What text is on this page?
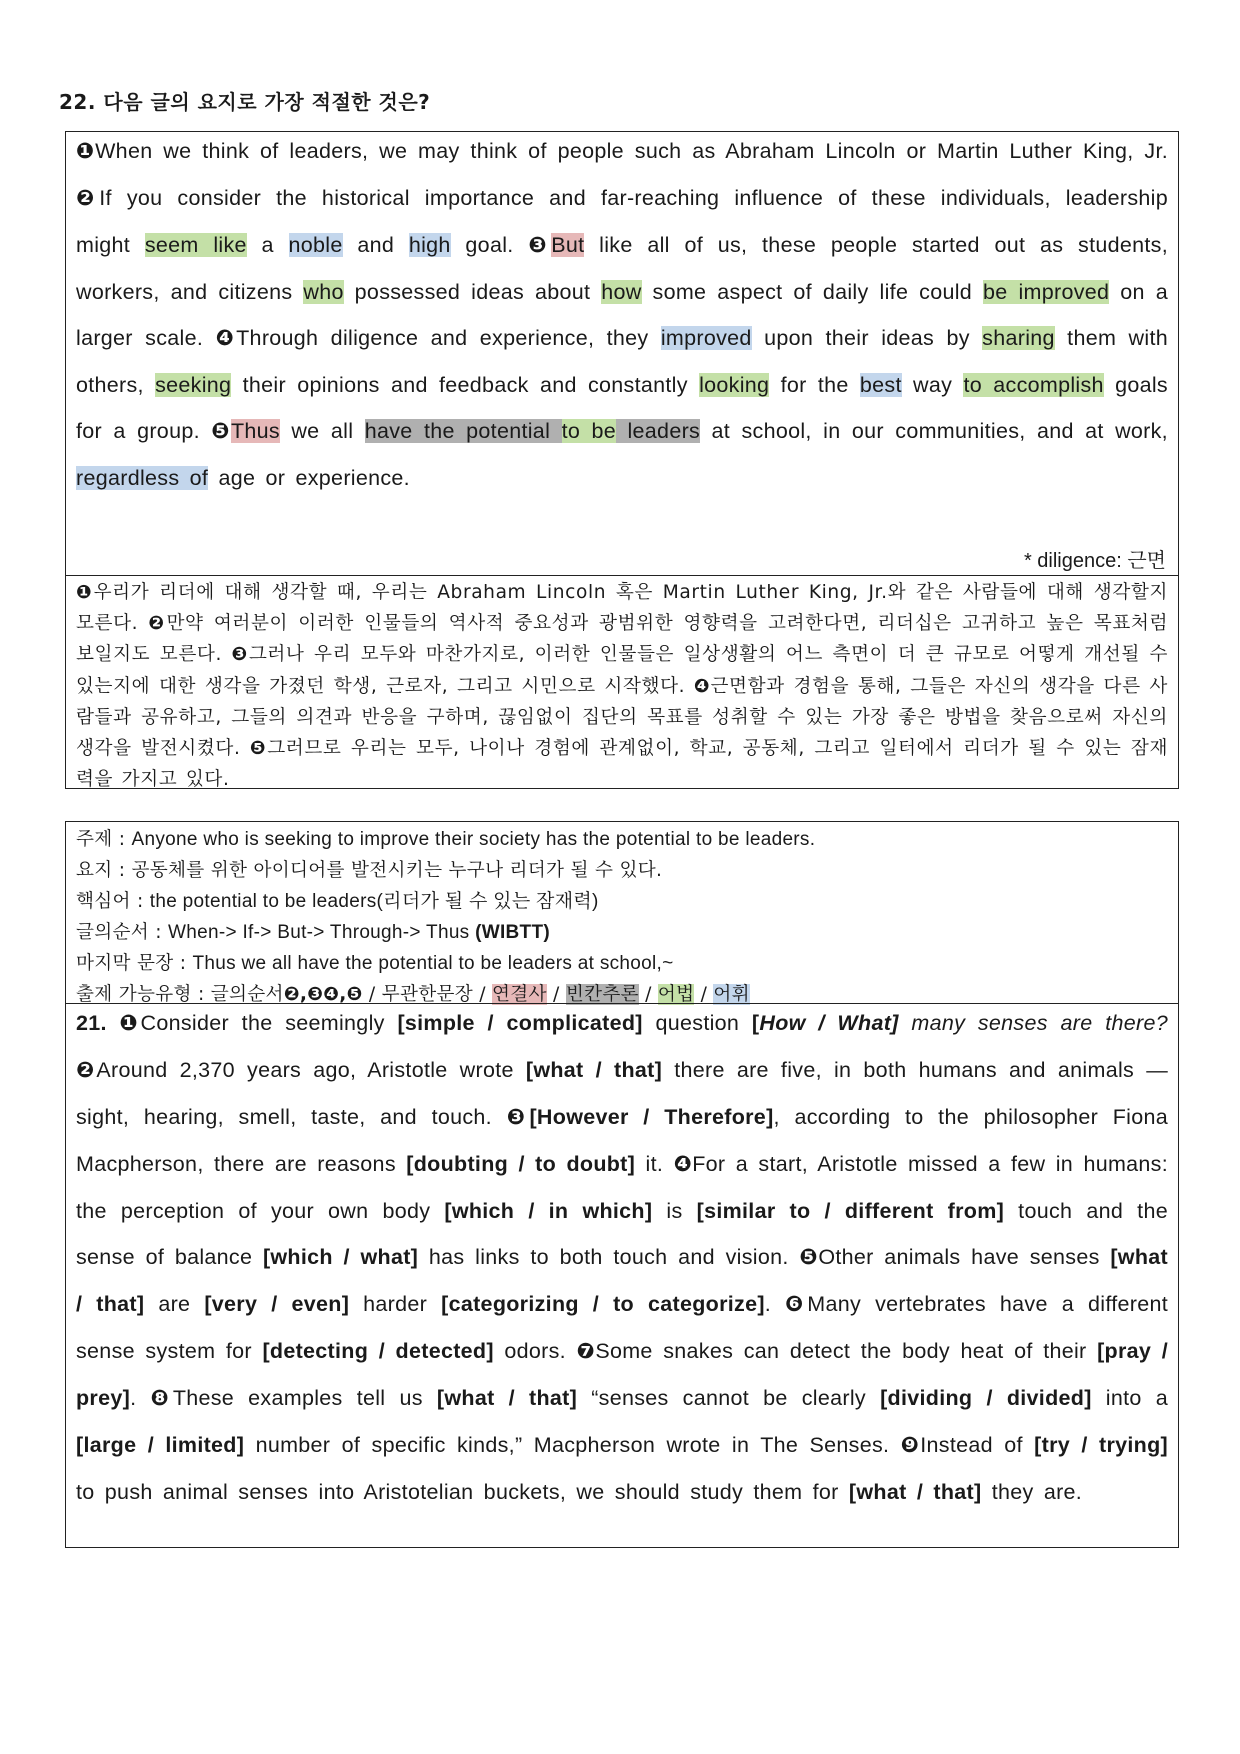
22. 다음 글의 요지로 가장 적절한 것은?
❶When we think of leaders, we may think of people such as Abraham Lincoln or Martin Luther King, Jr. ❷If you consider the historical importance and far-reaching influence of these individuals, leadership might seem like a noble and high goal. ❸But like all of us, these people started out as students, workers, and citizens who possessed ideas about how some aspect of daily life could be improved on a larger scale. ❹Through diligence and experience, they improved upon their ideas by sharing them with others, seeking their opinions and feedback and constantly looking for the best way to accomplish goals for a group. ❺Thus we all have the potential to be leaders at school, in our communities, and at work, regardless of age or experience.
* diligence: 근면
❶우리가 리더에 대해 생각할 때, 우리는 Abraham Lincoln 혹은 Martin Luther King, Jr.와 같은 사람들에 대해 생각할지 모른다. ❷만약 여러분이 이러한 인물들의 역사적 중요성과 광범위한 영향력을 고려한다면, 리더십은 고귀하고 높은 목표처럼 보일지도 모른다. ❸그러나 우리 모두와 마찬가지로, 이러한 인물들은 일상생활의 어느 측면이 더 큰 규모로 어떻게 개선될 수 있는지에 대한 생각을 가졌던 학생, 근로자, 그리고 시민으로 시작했다. ❹근면함과 경험을 통해, 그들은 자신의 생각을 다른 사람들과 공유하고, 그들의 의견과 반응을 구하며, 끊임없이 집단의 목표를 성취할 수 있는 가장 좋은 방법을 찾음으로써 자신의 생각을 발전시켰다. ❺그러므로 우리는 모두, 나이나 경험에 관계없이, 학교, 공동체, 그리고 일터에서 리더가 될 수 있는 잠재력을 가지고 있다.
주제 : Anyone who is seeking to improve their society has the potential to be leaders.
요지 : 공동체를 위한 아이디어를 발전시키는 누구나 리더가 될 수 있다.
핵심어 : the potential to be leaders(리더가 될 수 있는 잠재력)
글의순서 : When-> If-> But-> Through-> Thus (WIBTT)
마지막 문장 : Thus we all have the potential to be leaders at school,~
출제 가능유형 : 글의순서❷,❸❹,❺ / 무관한문장 / 연결사 / 빈칸추론 / 어법 / 어휘
21. ❶Consider the seemingly [simple / complicated] question [How / What] many senses are there? ❷Around 2,370 years ago, Aristotle wrote [what / that] there are five, in both humans and animals — sight, hearing, smell, taste, and touch. ❸[However / Therefore], according to the philosopher Fiona Macpherson, there are reasons [doubting / to doubt] it. ❹For a start, Aristotle missed a few in humans: the perception of your own body [which / in which] is [similar to / different from] touch and the sense of balance [which / what] has links to both touch and vision. ❺Other animals have senses [what / that] are [very / even] harder [categorizing / to categorize]. ❻Many vertebrates have a different sense system for [detecting / detected] odors. ❼Some snakes can detect the body heat of their [pray / prey]. ❽These examples tell us [what / that] “senses cannot be clearly [dividing / divided] into a [large / limited] number of specific kinds,” Macpherson wrote in The Senses. ❾Instead of [try / trying] to push animal senses into Aristotelian buckets, we should study them for [what / that] they are.
